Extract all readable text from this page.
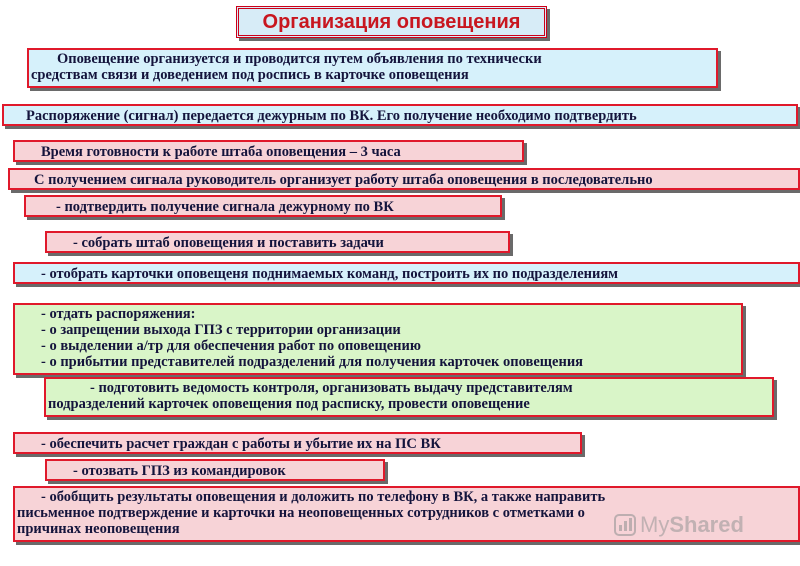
Организация оповещения
Оповещение организуется и проводится путем объявления по технически
средствам связи и доведением под роспись в карточке оповещения
Распоряжение (сигнал) передается дежурным по ВК. Его получение необходимо подтвердить
Время готовности к работе штаба оповещения – 3 часа
С получением сигнала руководитель организует работу штаба оповещения в последовательно
- подтвердить получение сигнала дежурному по ВК
- собрать штаб оповещения и поставить задачи
- отобрать карточки оповещеня поднимаемых команд, построить их по подразделениям
- отдать распоряжения:
- о запрещении выхода ГПЗ с территории организации
- о выделении а/тр для обеспечения работ по оповещению
- о прибытии представителей подразделений для получения карточек оповещения
- подготовить ведомость контроля, организовать выдачу представителям
подразделений карточек оповещения под расписку, провести оповещение
- обеспечить расчет граждан с работы и убытие их на ПС ВК
- отозвать ГПЗ из командировок
- обобщить результаты оповещения и доложить по телефону в ВК, а также направить
письменное подтверждение и карточки на неоповещенных сотрудников с отметками о
причинах неоповещения	MyShared
